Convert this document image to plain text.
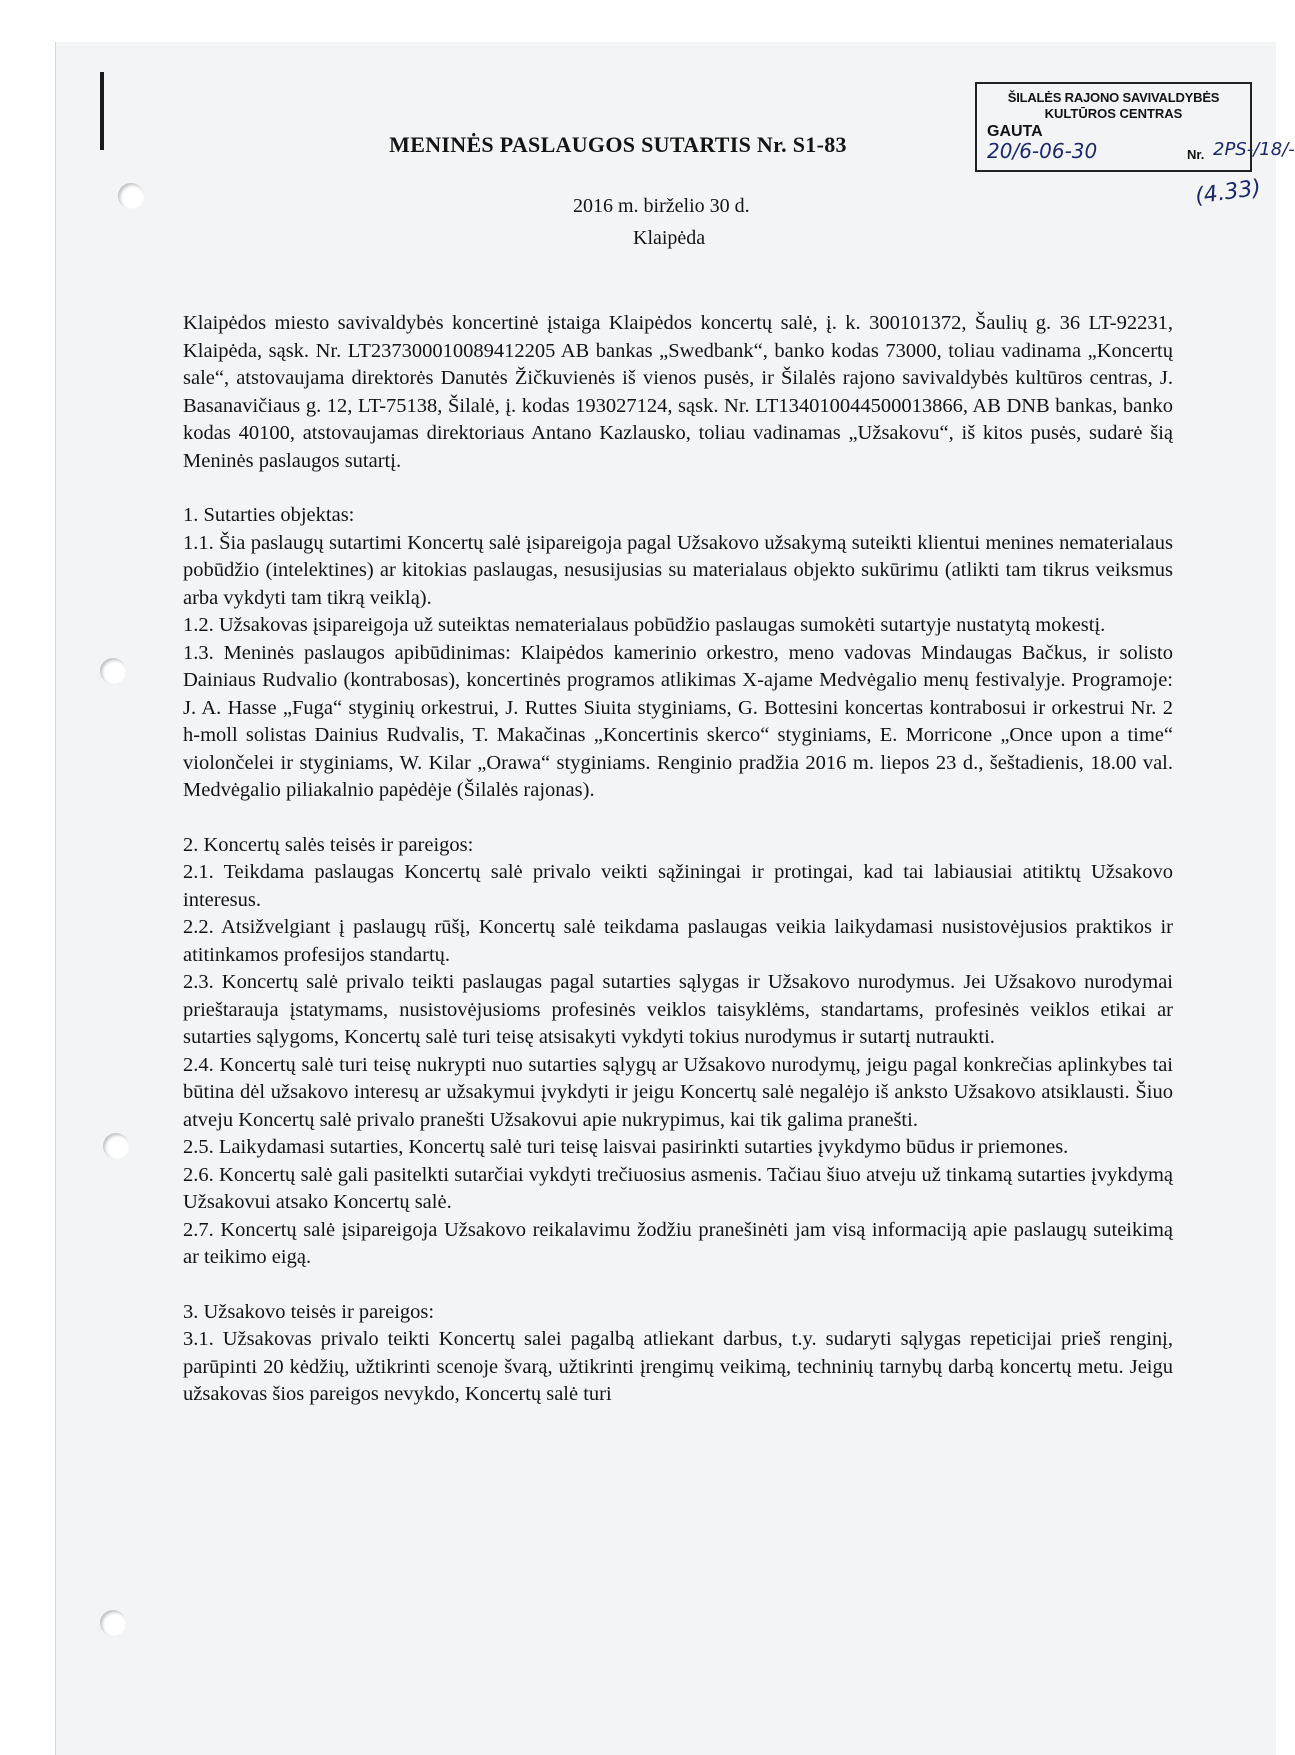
ŠILALĖS RAJONO SAVIVALDYBĖS
KULTŪROS CENTRAS
GAUTA
20/6-06-30	Nr. 2PS-/18/-
(4.33)
MENINĖS PASLAUGOS SUTARTIS Nr. S1-83
2016 m. birželio 30 d.
Klaipėda

Klaipėdos miesto savivaldybės koncertinė įstaiga Klaipėdos koncertų salė, į. k. 300101372, Šaulių g. 36 LT-92231, Klaipėda, sąsk. Nr. LT237300010089412205 AB bankas „Swedbank“, banko kodas 73000, toliau vadinama „Koncertų sale“, atstovaujama direktorės Danutės Žičkuvienės iš vienos pusės, ir Šilalės rajono savivaldybės kultūros centras, J. Basanavičiaus g. 12, LT-75138, Šilalė, į. kodas 193027124, sąsk. Nr. LT134010044500013866, AB DNB bankas, banko kodas 40100, atstovaujamas direktoriaus Antano Kazlausko, toliau vadinamas „Užsakovu“, iš kitos pusės, sudarė šią Meninės paslaugos sutartį.

1. Sutarties objektas:

1.1. Šia paslaugų sutartimi Koncertų salė įsipareigoja pagal Užsakovo užsakymą suteikti klientui menines nematerialaus pobūdžio (intelektines) ar kitokias paslaugas, nesusijusias su materialaus objekto sukūrimu (atlikti tam tikrus veiksmus arba vykdyti tam tikrą veiklą).

1.2. Užsakovas įsipareigoja už suteiktas nematerialaus pobūdžio paslaugas sumokėti sutartyje nustatytą mokestį.

1.3. Meninės paslaugos apibūdinimas: Klaipėdos kamerinio orkestro, meno vadovas Mindaugas Bačkus, ir solisto Dainiaus Rudvalio (kontrabosas), koncertinės programos atlikimas X-ajame Medvėgalio menų festivalyje. Programoje: J. A. Hasse „Fuga“ styginių orkestrui, J. Ruttes Siuita styginiams, G. Bottesini koncertas kontrabosui ir orkestrui Nr. 2 h-moll solistas Dainius Rudvalis, T. Makačinas „Koncertinis skerco“ styginiams, E. Morricone „Once upon a time“ violončelei ir styginiams, W. Kilar „Orawa“ styginiams. Renginio pradžia 2016 m. liepos 23 d., šeštadienis, 18.00 val. Medvėgalio piliakalnio papėdėje (Šilalės rajonas).

2. Koncertų salės teisės ir pareigos:

2.1. Teikdama paslaugas Koncertų salė privalo veikti sąžiningai ir protingai, kad tai labiausiai atitiktų Užsakovo interesus.

2.2. Atsižvelgiant į paslaugų rūšį, Koncertų salė teikdama paslaugas veikia laikydamasi nusistovėjusios praktikos ir atitinkamos profesijos standartų.

2.3. Koncertų salė privalo teikti paslaugas pagal sutarties sąlygas ir Užsakovo nurodymus. Jei Užsakovo nurodymai prieštarauja įstatymams, nusistovėjusioms profesinės veiklos taisyklėms, standartams, profesinės veiklos etikai ar sutarties sąlygoms, Koncertų salė turi teisę atsisakyti vykdyti tokius nurodymus ir sutartį nutraukti.

2.4. Koncertų salė turi teisę nukrypti nuo sutarties sąlygų ar Užsakovo nurodymų, jeigu pagal konkrečias aplinkybes tai būtina dėl užsakovo interesų ar užsakymui įvykdyti ir jeigu Koncertų salė negalėjo iš anksto Užsakovo atsiklausti. Šiuo atveju Koncertų salė privalo pranešti Užsakovui apie nukrypimus, kai tik galima pranešti.

2.5. Laikydamasi sutarties, Koncertų salė turi teisę laisvai pasirinkti sutarties įvykdymo būdus ir priemones.

2.6. Koncertų salė gali pasitelkti sutarčiai vykdyti trečiuosius asmenis. Tačiau šiuo atveju už tinkamą sutarties įvykdymą Užsakovui atsako Koncertų salė.

2.7. Koncertų salė įsipareigoja Užsakovo reikalavimu žodžiu pranešinėti jam visą informaciją apie paslaugų suteikimą ar teikimo eigą.

3. Užsakovo teisės ir pareigos:

3.1. Užsakovas privalo teikti Koncertų salei pagalbą atliekant darbus, t.y. sudaryti sąlygas repeticijai prieš renginį, parūpinti 20 kėdžių, užtikrinti scenoje švarą, užtikrinti įrengimų veikimą, techninių tarnybų darbą koncertų metu. Jeigu užsakovas šios pareigos nevykdo, Koncertų salė turi
